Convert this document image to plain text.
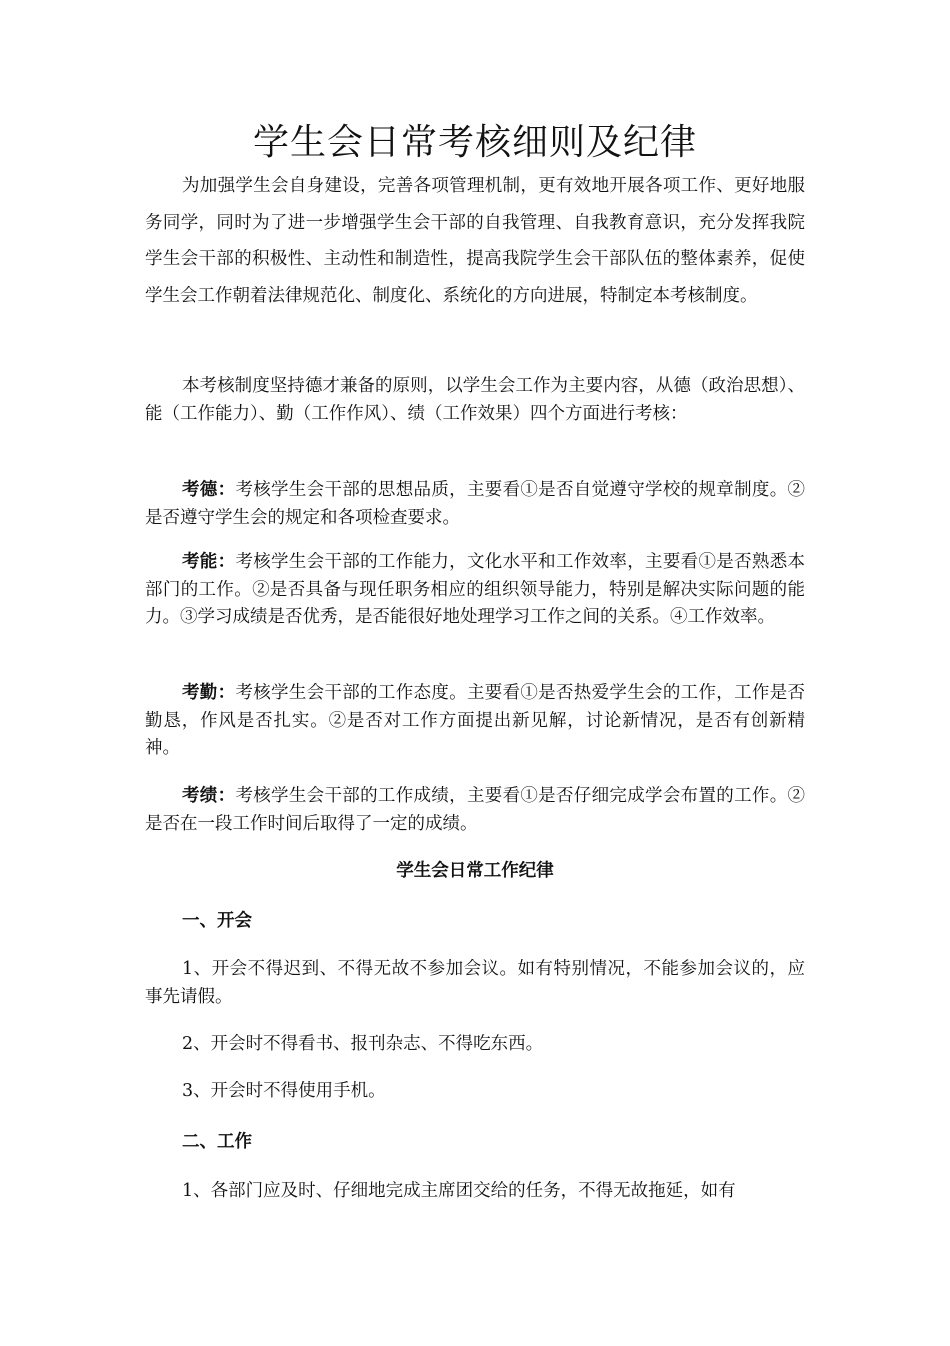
学生会日常考核细则及纪律

为加强学生会自身建设，完善各项管理机制，更有效地开展各项工作、更好地服务同学，同时为了进一步增强学生会干部的自我管理、自我教育意识，充分发挥我院学生会干部的积极性、主动性和制造性，提高我院学生会干部队伍的整体素养，促使学生会工作朝着法律规范化、制度化、系统化的方向进展，特制定本考核制度。

本考核制度坚持德才兼备的原则，以学生会工作为主要内容，从德（政治思想）、能（工作能力）、勤（工作作风）、绩（工作效果）四个方面进行考核：

考德：考核学生会干部的思想品质，主要看①是否自觉遵守学校的规章制度。②是否遵守学生会的规定和各项检查要求。

考能：考核学生会干部的工作能力，文化水平和工作效率，主要看①是否熟悉本部门的工作。②是否具备与现任职务相应的组织领导能力，特别是解决实际问题的能力。③学习成绩是否优秀，是否能很好地处理学习工作之间的关系。④工作效率。

考勤：考核学生会干部的工作态度。主要看①是否热爱学生会的工作，工作是否勤恳，作风是否扎实。②是否对工作方面提出新见解，讨论新情况，是否有创新精神。

考绩：考核学生会干部的工作成绩，主要看①是否仔细完成学会布置的工作。②是否在一段工作时间后取得了一定的成绩。

学生会日常工作纪律
一、开会

1、开会不得迟到、不得无故不参加会议。如有特别情况，不能参加会议的，应事先请假。

2、开会时不得看书、报刊杂志、不得吃东西。

3、开会时不得使用手机。

二、工作

1、各部门应及时、仔细地完成主席团交给的任务，不得无故拖延，如有
